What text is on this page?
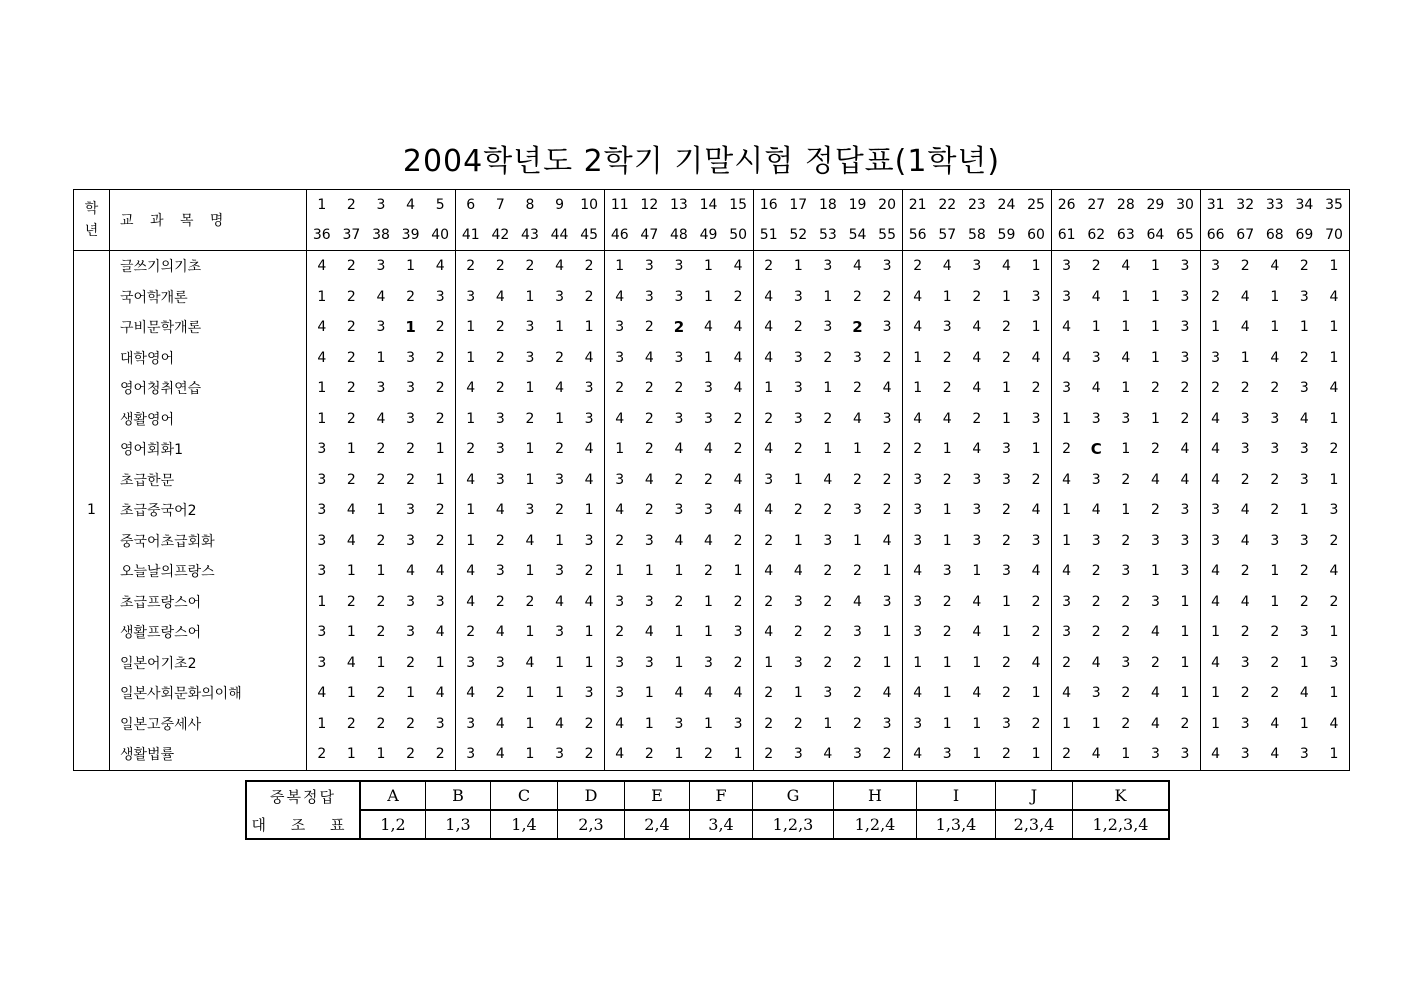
2004학년도 2학기 기말시험 정답표(1학년)
학
년	교 과 목 명	1	2	3	4	5	6	7	8	9	10	11	12	13	14	15	16	17	18	19	20	21	22	23	24	25	26	27	28	29	30	31	32	33	34	35
		36	37	38	39	40	41	42	43	44	45	46	47	48	49	50	51	52	53	54	55	56	57	58	59	60	61	62	63	64	65	66	67	68	69	70
1	글쓰기의기초	4	2	3	1	4	2	2	2	4	2	1	3	3	1	4	2	1	3	4	3	2	4	3	4	1	3	2	4	1	3	3	2	4	2	1
	국어학개론	1	2	4	2	3	3	4	1	3	2	4	3	3	1	2	4	3	1	2	2	4	1	2	1	3	3	4	1	1	3	2	4	1	3	4
	구비문학개론	4	2	3	1	2	1	2	3	1	1	3	2	2	4	4	4	2	3	2	3	4	3	4	2	1	4	1	1	1	3	1	4	1	1	1
	대학영어	4	2	1	3	2	1	2	3	2	4	3	4	3	1	4	4	3	2	3	2	1	2	4	2	4	4	3	4	1	3	3	1	4	2	1
	영어청취연습	1	2	3	3	2	4	2	1	4	3	2	2	2	3	4	1	3	1	2	4	1	2	4	1	2	3	4	1	2	2	2	2	2	3	4
	생활영어	1	2	4	3	2	1	3	2	1	3	4	2	3	3	2	2	3	2	4	3	4	4	2	1	3	1	3	3	1	2	4	3	3	4	1
	영어회화1	3	1	2	2	1	2	3	1	2	4	1	2	4	4	2	4	2	1	1	2	2	1	4	3	1	2	C	1	2	4	4	3	3	3	2
	초급한문	3	2	2	2	1	4	3	1	3	4	3	4	2	2	4	3	1	4	2	2	3	2	3	3	2	4	3	2	4	4	4	2	2	3	1
	초급중국어2	3	4	1	3	2	1	4	3	2	1	4	2	3	3	4	4	2	2	3	2	3	1	3	2	4	1	4	1	2	3	3	4	2	1	3
	중국어초급회화	3	4	2	3	2	1	2	4	1	3	2	3	4	4	2	2	1	3	1	4	3	1	3	2	3	1	3	2	3	3	3	4	3	3	2
	오늘날의프랑스	3	1	1	4	4	4	3	1	3	2	1	1	1	2	1	4	4	2	2	1	4	3	1	3	4	4	2	3	1	3	4	2	1	2	4
	초급프랑스어	1	2	2	3	3	4	2	2	4	4	3	3	2	1	2	2	3	2	4	3	3	2	4	1	2	3	2	2	3	1	4	4	1	2	2
	생활프랑스어	3	1	2	3	4	2	4	1	3	1	2	4	1	1	3	4	2	2	3	1	3	2	4	1	2	3	2	2	4	1	1	2	2	3	1
	일본어기초2	3	4	1	2	1	3	3	4	1	1	3	3	1	3	2	1	3	2	2	1	1	1	1	2	4	2	4	3	2	1	4	3	2	1	3
	일본사회문화의이해	4	1	2	1	4	4	2	1	1	3	3	1	4	4	4	2	1	3	2	4	4	1	4	2	1	4	3	2	4	1	1	2	2	4	1
	일본고중세사	1	2	2	2	3	3	4	1	4	2	4	1	3	1	3	2	2	1	2	3	3	1	1	3	2	1	1	2	4	2	1	3	4	1	4
	생활법률	2	1	1	2	2	3	4	1	3	2	4	2	1	2	1	2	3	4	3	2	4	3	1	2	1	2	4	1	3	3	4	3	4	3	1
중복정답	A	B	C	D	E	F	G	H	I	J	K
대 조 표	1,2	1,3	1,4	2,3	2,4	3,4	1,2,3	1,2,4	1,3,4	2,3,4	1,2,3,4
